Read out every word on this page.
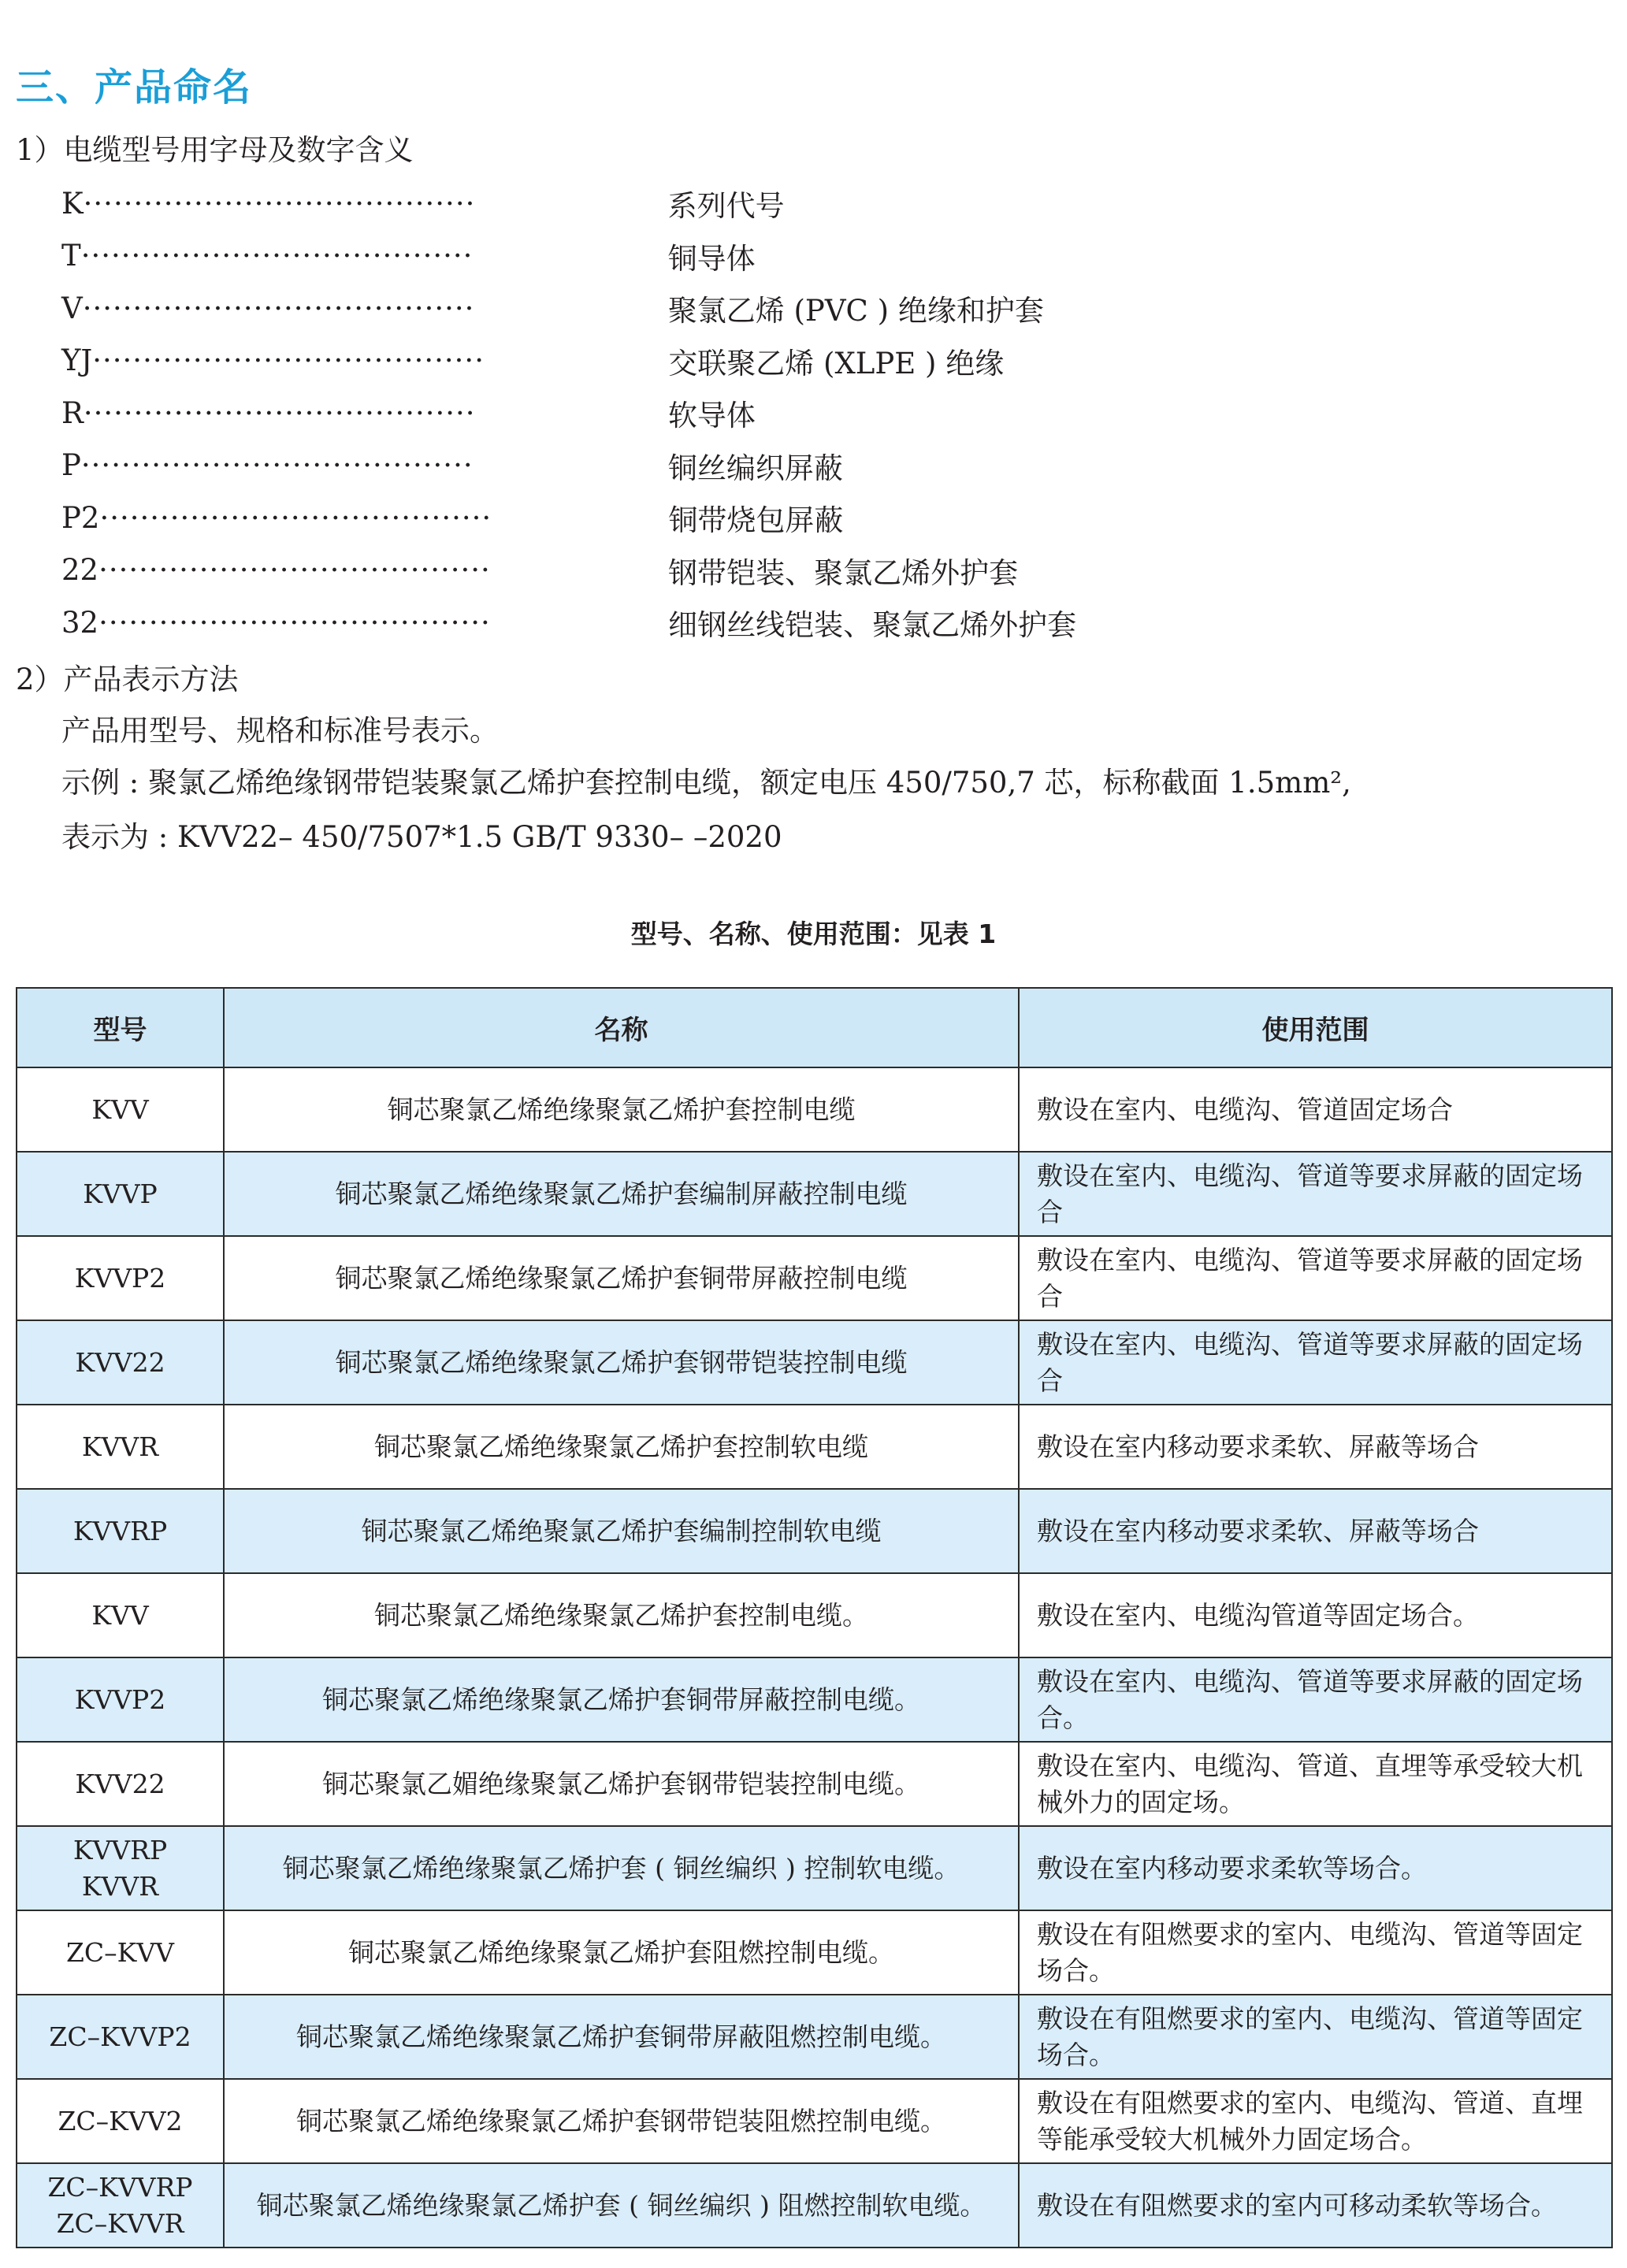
三、产品命名
1）电缆型号用字母及数字含义
K ·······································	系列代号
T ·······································	铜导体
V ·······································	聚氯乙烯 (PVC ) 绝缘和护套
YJ ·······································	交联聚乙烯 (XLPE ) 绝缘
R ·······································	软导体
P ·······································	铜丝编织屏蔽
P2 ·······································	铜带烧包屏蔽
22 ·······································	钢带铠装、聚氯乙烯外护套
32 ·······································	细钢丝线铠装、聚氯乙烯外护套
2）产品表示方法
产品用型号、规格和标准号表示。
示例 : 聚氯乙烯绝缘钢带铠装聚氯乙烯护套控制电缆，额定电压 450/750,7 芯，标称截面 1.5mm²,
表示为 : KVV22– 450/7507*1.5 GB/T 9330– –2020
型号、名称、使用范围：见表 1
型号	名称	使用范围

KVV	铜芯聚氯乙烯绝缘聚氯乙烯护套控制电缆	敷设在室内、电缆沟、管道固定场合

KVVP	铜芯聚氯乙烯绝缘聚氯乙烯护套编制屏蔽控制电缆	敷设在室内、电缆沟、管道等要求屏蔽的固定场合

KVVP2	铜芯聚氯乙烯绝缘聚氯乙烯护套铜带屏蔽控制电缆	敷设在室内、电缆沟、管道等要求屏蔽的固定场合

KVV22	铜芯聚氯乙烯绝缘聚氯乙烯护套钢带铠装控制电缆	敷设在室内、电缆沟、管道等要求屏蔽的固定场合

KVVR	铜芯聚氯乙烯绝缘聚氯乙烯护套控制软电缆	敷设在室内移动要求柔软、屏蔽等场合

KVVRP	铜芯聚氯乙烯绝聚氯乙烯护套编制控制软电缆	敷设在室内移动要求柔软、屏蔽等场合

KVV	铜芯聚氯乙烯绝缘聚氯乙烯护套控制电缆。	敷设在室内、电缆沟管道等固定场合。

KVVP2	铜芯聚氯乙烯绝缘聚氯乙烯护套铜带屏蔽控制电缆。	敷设在室内、电缆沟、管道等要求屏蔽的固定场合。

KVV22	铜芯聚氯乙媚绝缘聚氯乙烯护套钢带铠装控制电缆。	敷设在室内、电缆沟、管道、直埋等承受较大机械外力的固定场。

KVVRP
KVVR	铜芯聚氯乙烯绝缘聚氯乙烯护套 ( 铜丝编织 ) 控制软电缆。	敷设在室内移动要求柔软等场合。

ZC–KVV	铜芯聚氯乙烯绝缘聚氯乙烯护套阻燃控制电缆。	敷设在有阻燃要求的室内、电缆沟、管道等固定场合。

ZC–KVVP2	铜芯聚氯乙烯绝缘聚氯乙烯护套铜带屏蔽阻燃控制电缆。	敷设在有阻燃要求的室内、电缆沟、管道等固定场合。

ZC–KVV2	铜芯聚氯乙烯绝缘聚氯乙烯护套钢带铠装阻燃控制电缆。	敷设在有阻燃要求的室内、电缆沟、管道、直埋等能承受较大机械外力固定场合。

ZC–KVVRP
ZC–KVVR	铜芯聚氯乙烯绝缘聚氯乙烯护套 ( 铜丝编织 ) 阻燃控制软电缆。	敷设在有阻燃要求的室内可移动柔软等场合。
